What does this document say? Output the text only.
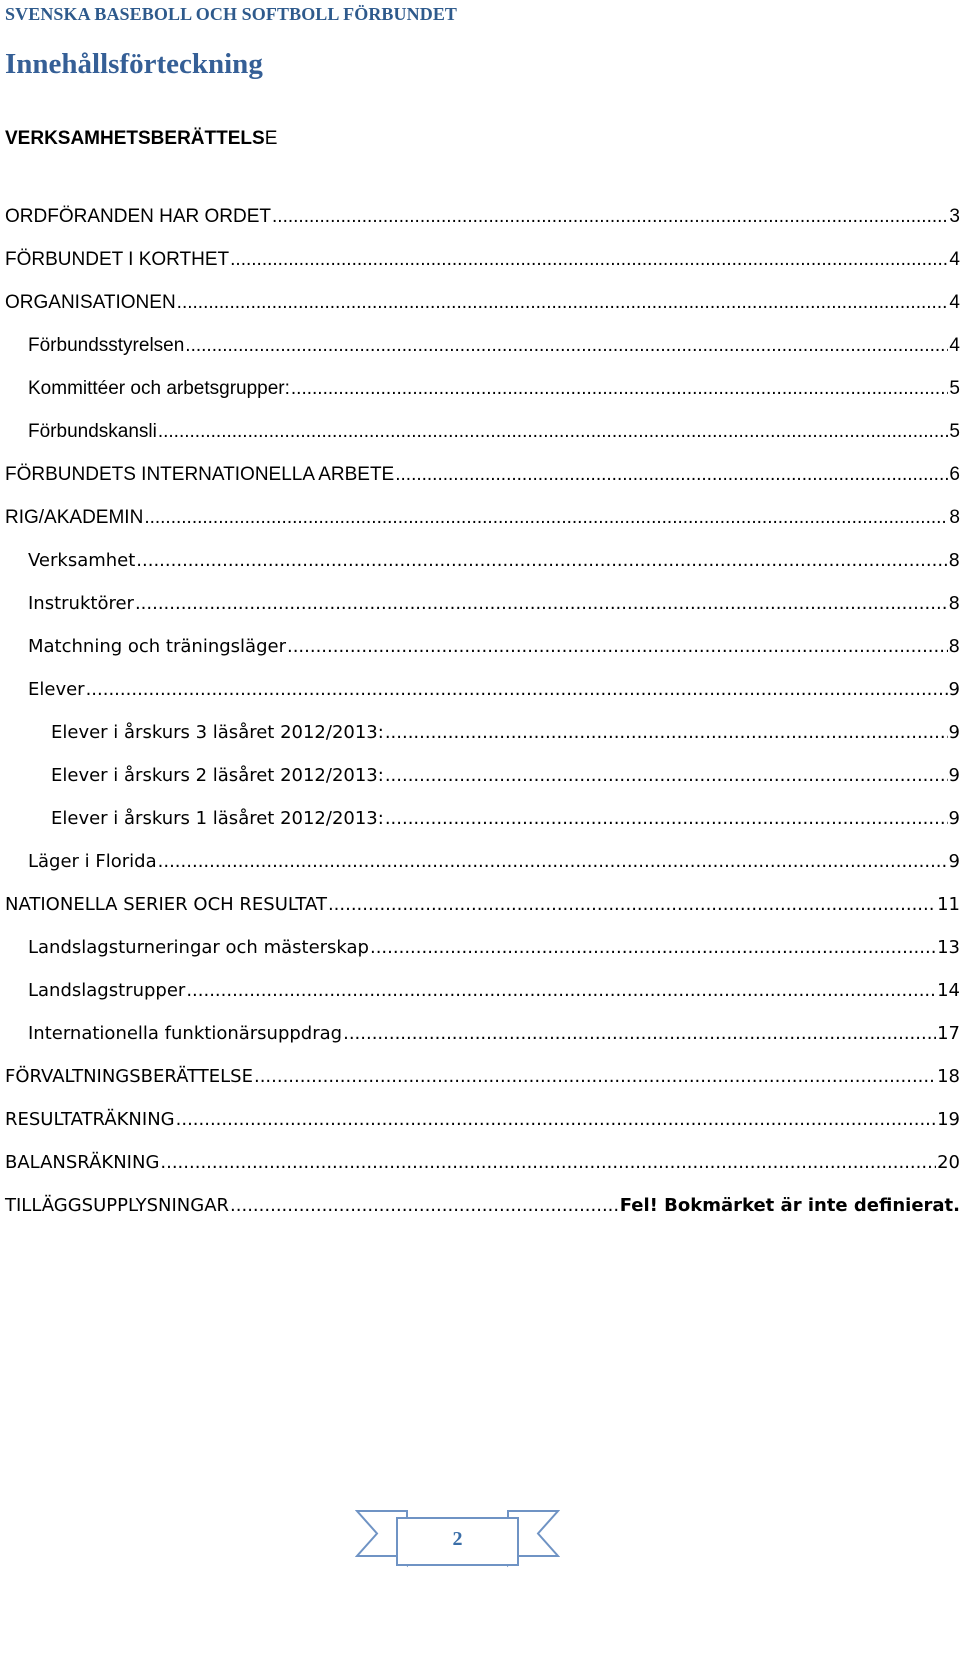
SVENSKA BASEBOLL OCH SOFTBOLL FÖRBUNDET
Innehållsförteckning
VERKSAMHETSBERÄTTELSE
ORDFÖRANDEN HAR ORDET .....	3
FÖRBUNDET I KORTHET .....	4
ORGANISATIONEN .....	4
Förbundsstyrelsen .....	4
Kommittéer och arbetsgrupper: .....	5
Förbundskansli .....	5
FÖRBUNDETS INTERNATIONELLA ARBETE .....	6
RIG/AKADEMIN .....	8
Verksamhet .....	8
Instruktörer .....	8
Matchning och träningsläger .....	8
Elever .....	9
Elever i årskurs 3 läsåret 2012/2013: .....	9
Elever i årskurs 2 läsåret 2012/2013: .....	9
Elever i årskurs 1 läsåret 2012/2013: .....	9
Läger i Florida .....	9
NATIONELLA SERIER OCH RESULTAT .....	11
Landslagsturneringar och mästerskap .....	13
Landslagstrupper .....	14
Internationella funktionärsuppdrag .....	17
FÖRVALTNINGSBERÄTTELSE .....	18
RESULTATRÄKNING .....	19
BALANSRÄKNING .....	20
TILLÄGGSUPPLYSNINGAR .....	Fel! Bokmärket är inte definierat.
2
